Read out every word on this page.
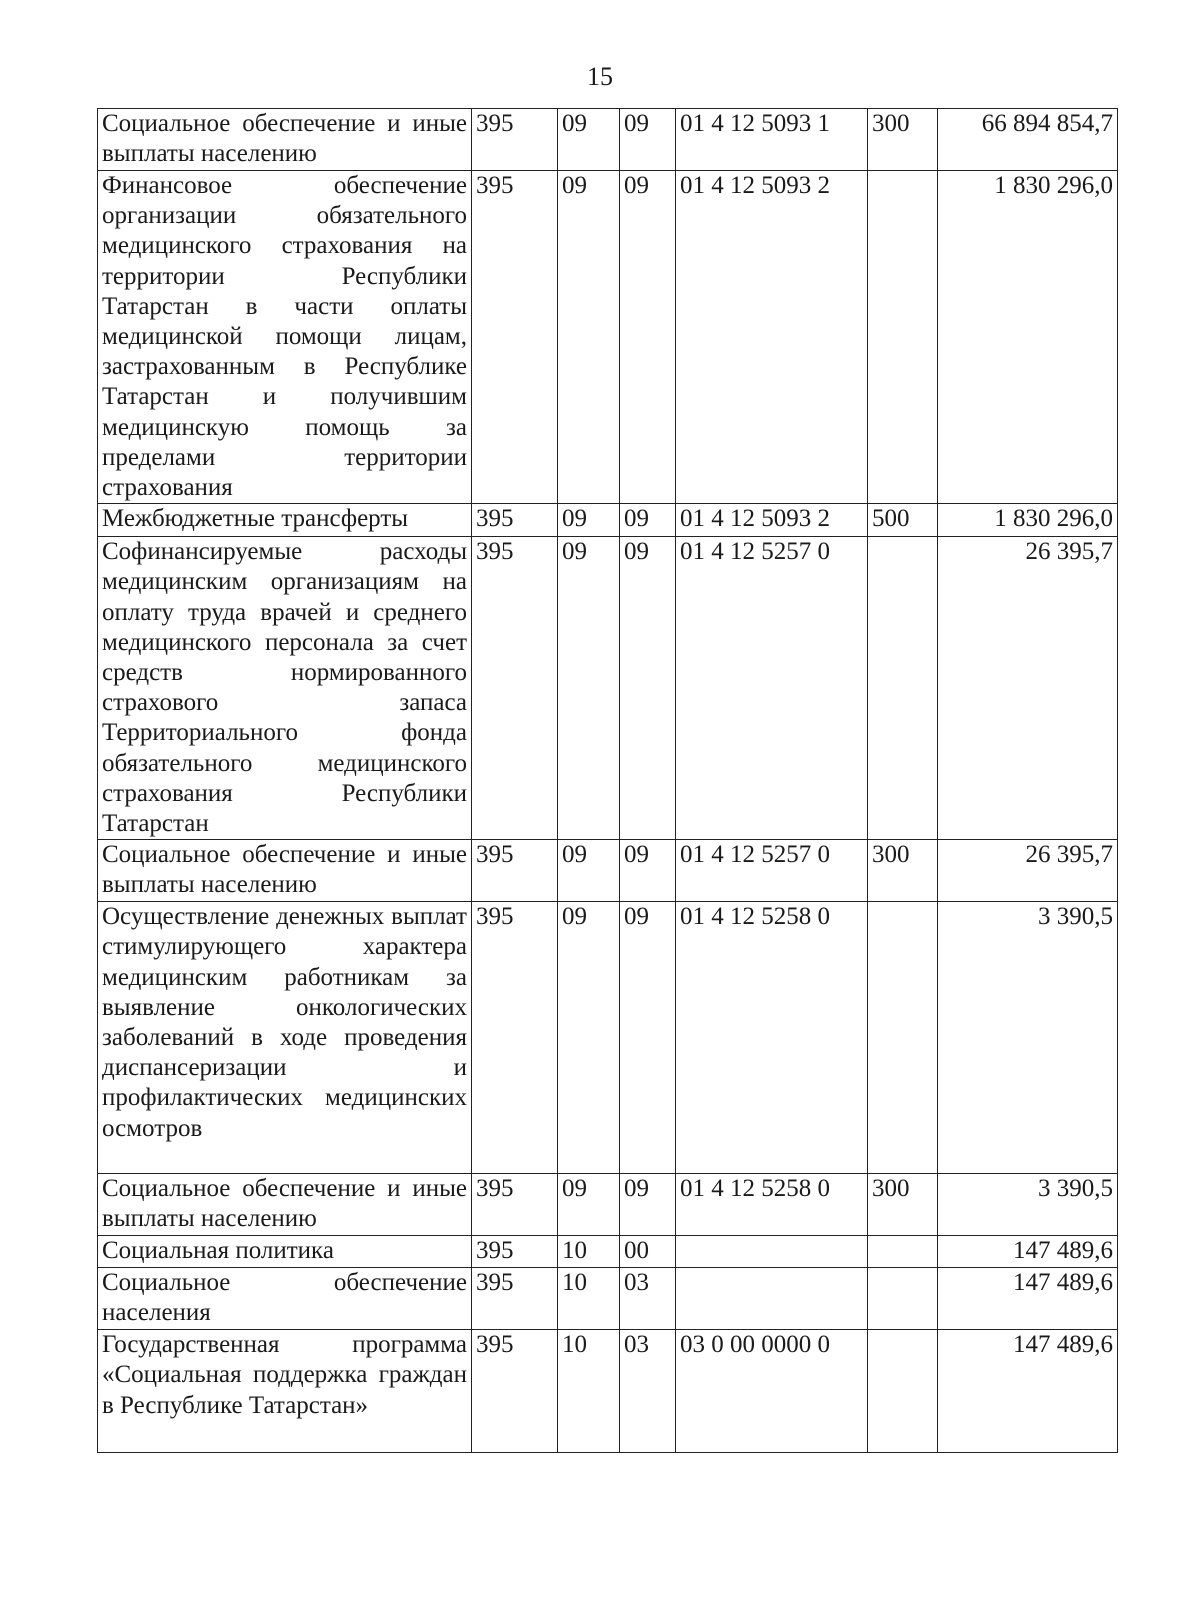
15
Социальное обеспечение и иные выплаты населению	395	09	09	01 4 12 5093 1	300	66 894 854,7
Финансовое обеспечение организации обязательного медицинского страхования на территории Республики Татарстан в части оплаты медицинской помощи лицам, застрахованным в Республике Татарстан и получившим медицинскую помощь за пределами территории страхования	395	09	09	01 4 12 5093 2		1 830 296,0
Межбюджетные трансферты	395	09	09	01 4 12 5093 2	500	1 830 296,0
Софинансируемые расходы медицинским организациям на оплату труда врачей и среднего медицинского персонала за счет средств нормированного страхового запаса Территориального фонда обязательного медицинского страхования Республики Татарстан	395	09	09	01 4 12 5257 0		26 395,7
Социальное обеспечение и иные выплаты населению	395	09	09	01 4 12 5257 0	300	26 395,7
Осуществление денежных выплат стимулирующего характера медицинским работникам за выявление онкологических заболеваний в ходе проведения диспансеризации и профилактических медицинских осмотров	395	09	09	01 4 12 5258 0		3 390,5
Социальное обеспечение и иные выплаты населению	395	09	09	01 4 12 5258 0	300	3 390,5
Социальная политика	395	10	00			147 489,6
Социальное обеспечение населения	395	10	03			147 489,6
Государственная программа «Социальная поддержка граждан в Республике Татарстан»	395	10	03	03 0 00 0000 0		147 489,6
